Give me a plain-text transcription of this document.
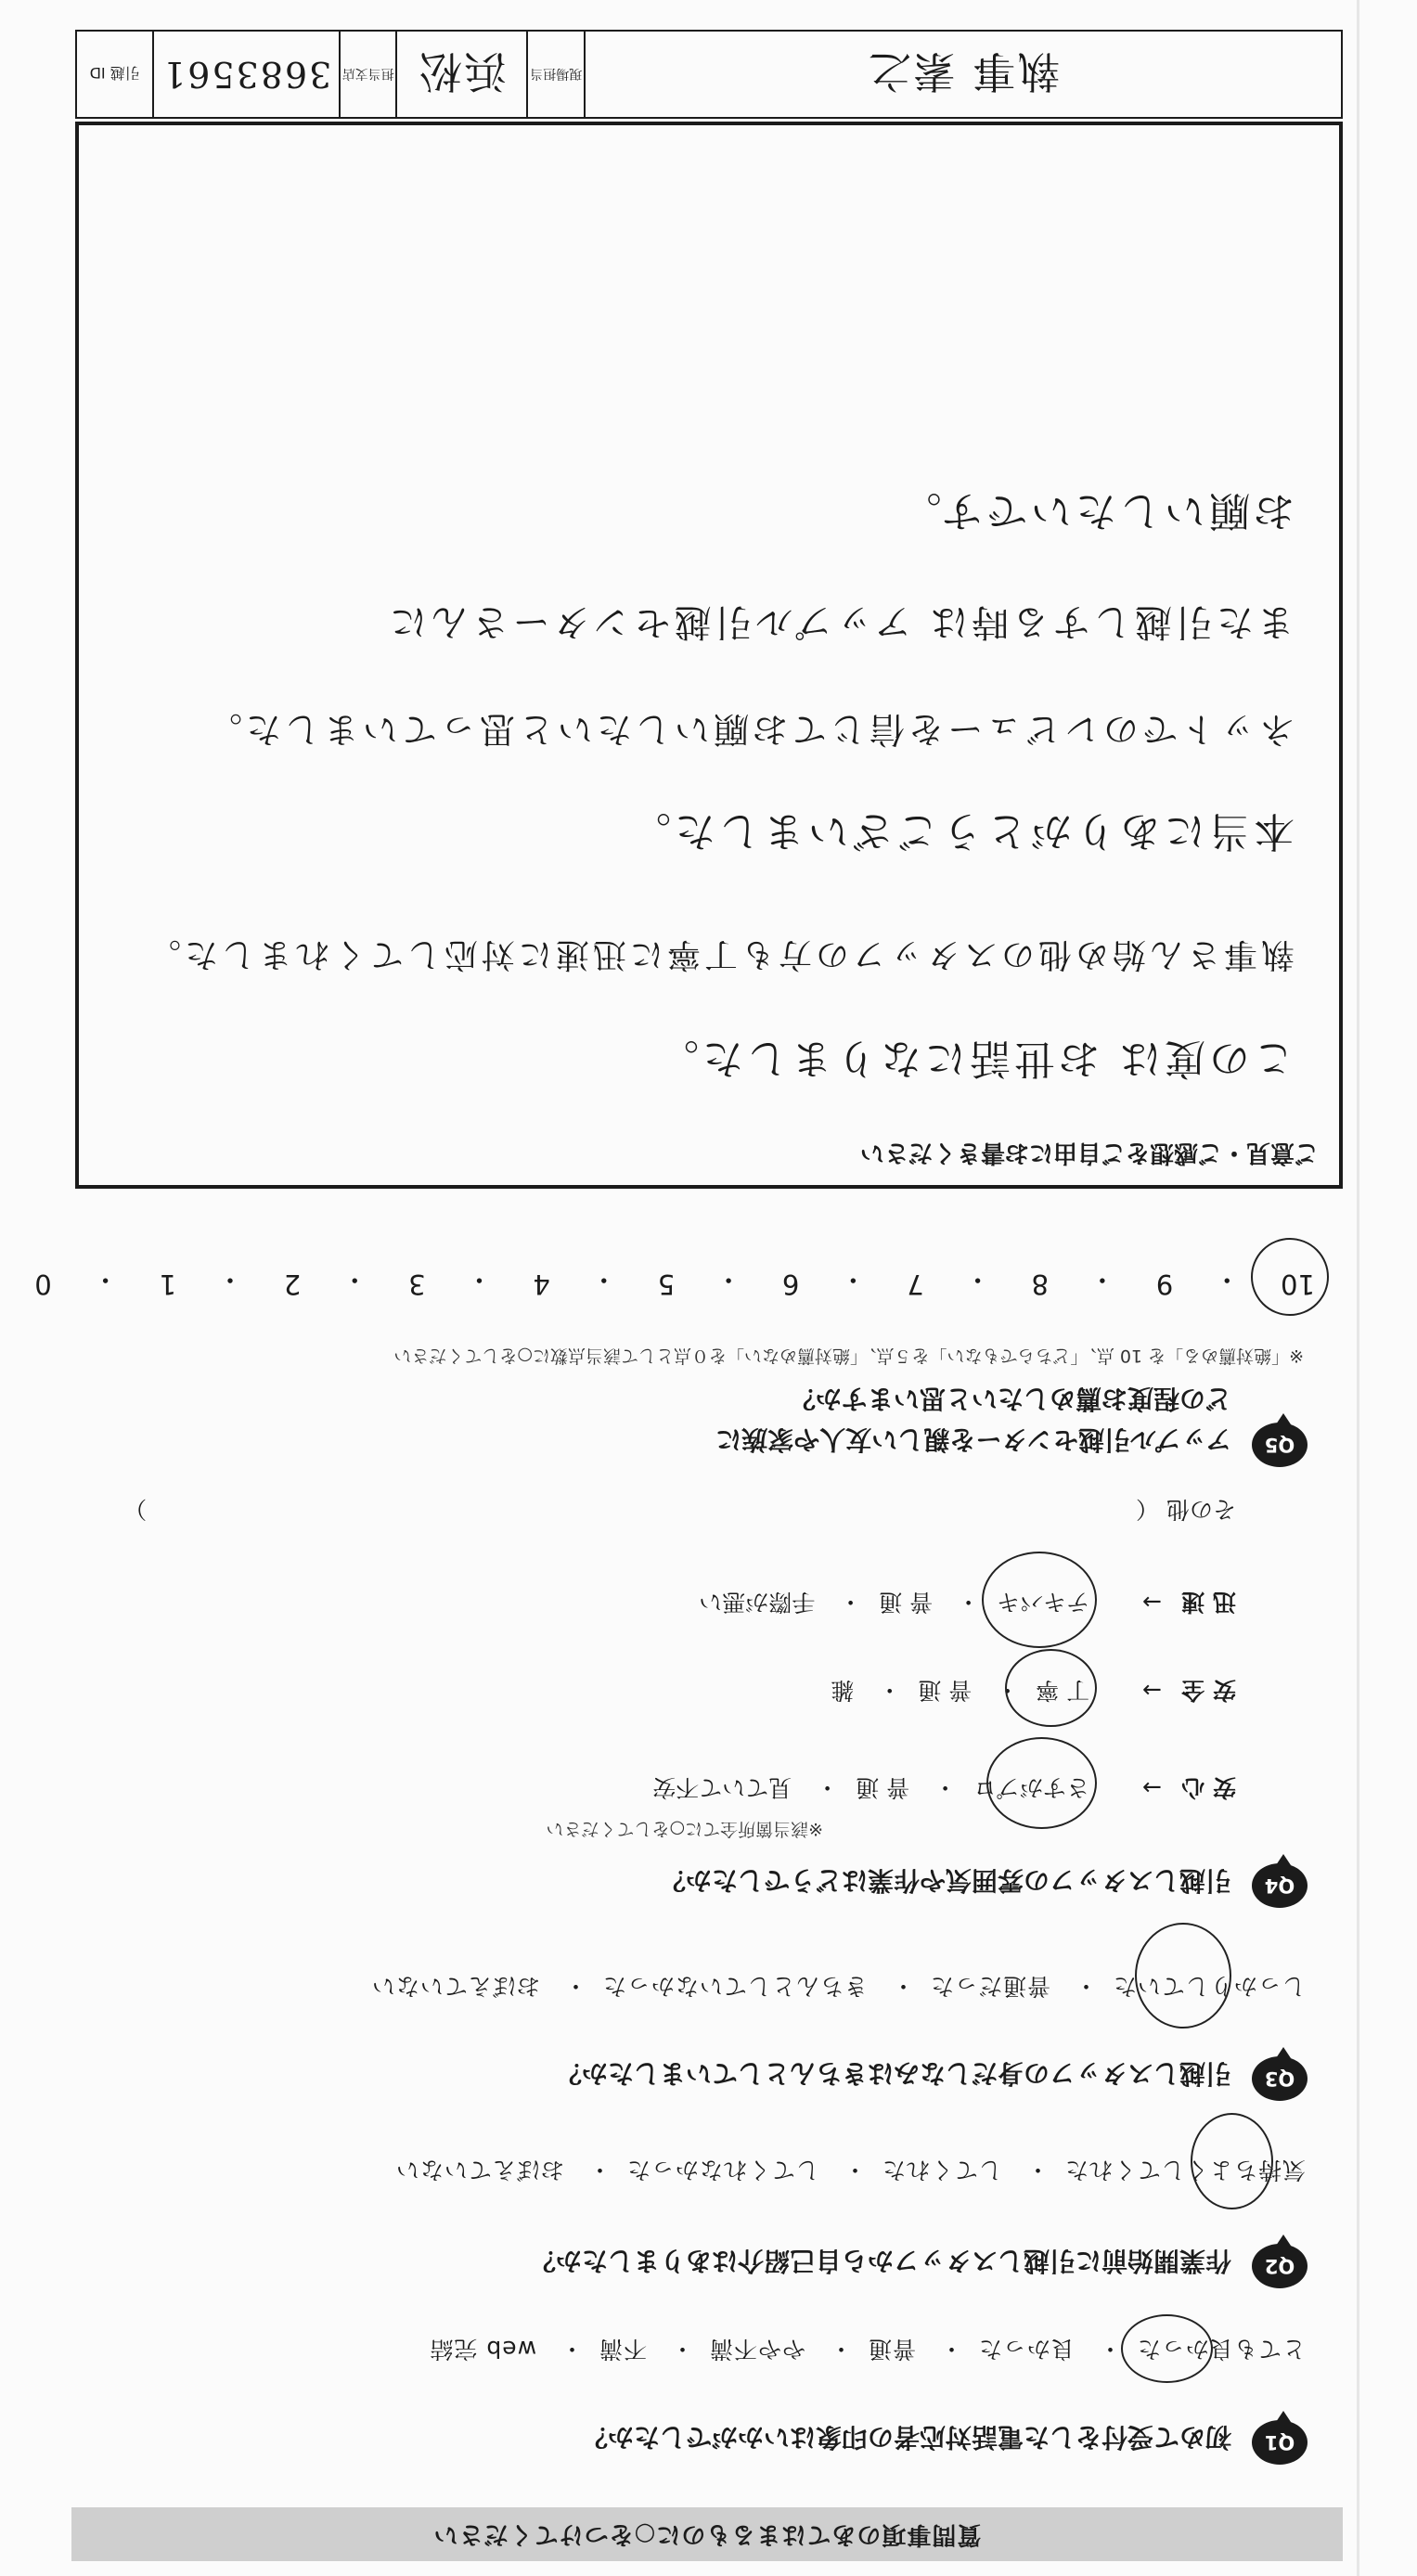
質問事項のあてはまるものに○をつけてください
Q1
初めて受付をした電話対応者の印象はいかがでしたか？
とても良かった・ 良かった・ 普通・ やや不満・ 不満・ web 完結
Q2
作業開始前に引越しスタッフから自己紹介はありましたか？
気持ちよくしてくれた・ してくれた・ してくれなかった・ おぼえていない
Q3
引越しスタッフの身だしなみはきちんとしていましたか？
しっかりしていた・ 普通だった・ きちんとしていなかった・ おぼえていない
Q4
引越しスタッフの雰囲気や作業はどうでしたか？
※該当箇所全てに○をしてください
安 心 → さすがプロ・ 普 通・ 見ていて不安
安 全 → 丁 寧・ 普 通・ 雑
迅 速 → テキパキ・ 普 通・ 手際が悪い
その他 （  ）
Q5
アップル引越センターを親しい友人や家族に
どの程度お薦めしたいと思いますか？
※「絶対薦める」を 10 点、「どちらでもない」を５点、「絶対薦めない」を０点として該当点数に○をしてください
10
・
9
・
8
・
7
・
6
・
5
・
4
・
3
・
2
・
1
・
0
ご意見・ご感想をご自由にお書きください
この度は お世話になりました。
執事さん始め他のスタッフの方も丁寧に迅速に対応してくれました。
本当にありがとうございました。
ネットでのレビューを信じてお願いしたいと思っていました。
また引越しする時は アップル引越センターさんに
お願いしたいです。
執事 素之
現場担当
浜松
担当支店
3683561
引越 ID
